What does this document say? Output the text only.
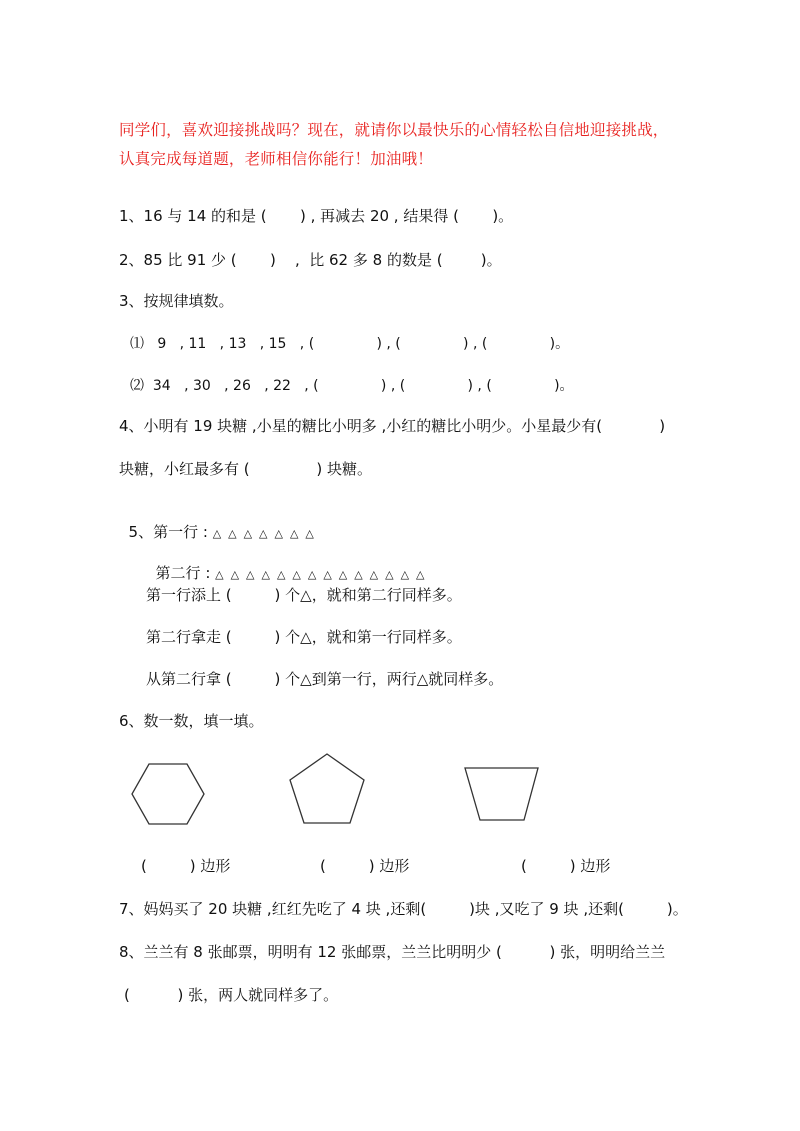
同学们，喜欢迎接挑战吗？现在，就请你以最快乐的心情轻松自信地迎接挑战，
认真完成每道题，老师相信你能行！加油哦！
1、16 与 14 的和是 (       ) , 再减去 20 , 结果得 (       )。
2、85 比 91 少 (       )    ,  比 62 多 8 的数是 (        )。
3、按规律填数。
⑴   9   , 11   , 13   , 15   , (              ) , (              ) , (              )。
⑵  34   , 30   , 26   , 22   , (              ) , (              ) , (              )。
4、小明有 19 块糖 ,小星的糖比小明多 ,小红的糖比小明少。小星最少有(            )
块糖，小红最多有 (              ) 块糖。

5、第一行 : △  △  △  △  △  △  △

第二行 : △  △  △  △  △  △  △  △  △  △  △  △  △  △

第一行添上 (         ) 个△，就和第二行同样多。
第二行拿走 (         ) 个△，就和第一行同样多。
从第二行拿 (         ) 个△到第一行，两行△就同样多。
6、数一数，填一填。
(         ) 边形	(         ) 边形	(         ) 边形
7、妈妈买了 20 块糖 ,红红先吃了 4 块 ,还剩(         )块 ,又吃了 9 块 ,还剩(         )。
8、兰兰有 8 张邮票，明明有 12 张邮票，兰兰比明明少 (          ) 张，明明给兰兰
(          ) 张，两人就同样多了。
